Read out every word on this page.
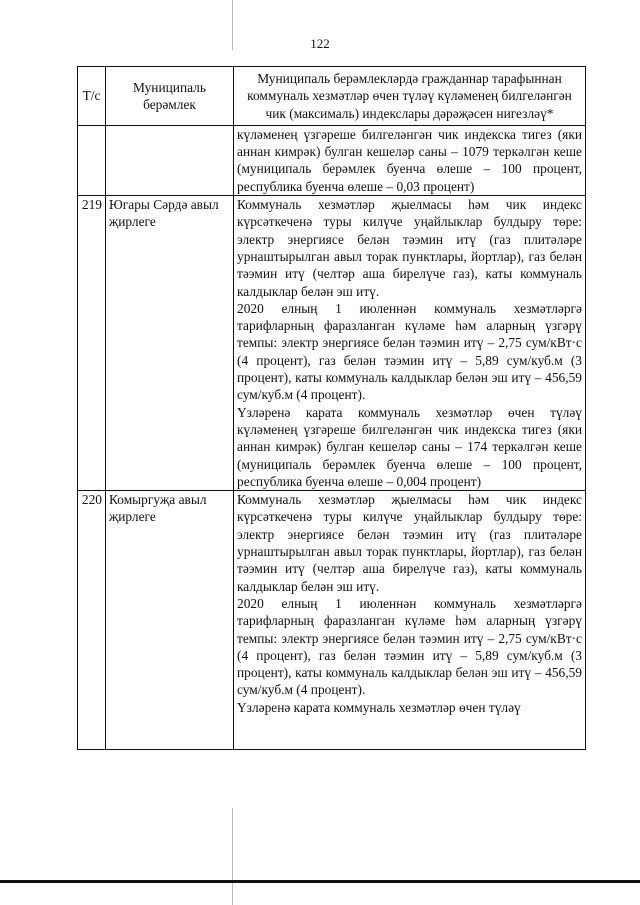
122
Т/с	Муниципаль берәмлек	Муниципаль берәмлекләрдә гражданнар тарафыннан коммуналь хезмәтләр өчен түләү күләменең билгеләнгән чик (максималь) индекслары дәрәҗәсен нигезләү*
		күләменең үзгәреше билгеләнгән чик индекска тигез (яки аннан кимрәк) булган кешеләр саны – 1079 теркәлгән кеше (муниципаль берәмлек буенча өлеше – 100 процент, республика буенча өлеше – 0,03 процент)
219	Югары Сәрдә авыл җирлеге	Коммуналь хезмәтләр җыелмасы һәм чик индекс күрсәткеченә туры килүче уңайлыклар булдыру төре: электр энергиясе белән тәэмин итү (газ плитәләре урнаштырылган авыл торак пунктлары, йортлар), газ белән тәэмин итү (челтәр аша бирелүче газ), каты коммуналь калдыклар белән эш итү.

2020 елның 1 июленнән коммуналь хезмәтләргә тарифларның фаразланган күләме һәм аларның үзгәрү темпы: электр энергиясе белән тәэмин итү – 2,75 сум/кВт·с (4 процент), газ белән тәэмин итү – 5,89 сум/куб.м (3 процент), каты коммуналь калдыклар белән эш итү – 456,59 сум/куб.м (4 процент).

Үзләренә карата коммуналь хезмәтләр өчен түләү күләменең үзгәреше билгеләнгән чик индекска тигез (яки аннан кимрәк) булган кешеләр саны – 174 теркәлгән кеше (муниципаль берәмлек буенча өлеше – 100 процент, республика буенча өлеше – 0,004 процент)

220	Комыргуҗа авыл җирлеге	Коммуналь хезмәтләр җыелмасы һәм чик индекс күрсәткеченә туры килүче уңайлыклар булдыру төре: электр энергиясе белән тәэмин итү (газ плитәләре урнаштырылган авыл торак пунктлары, йортлар), газ белән тәэмин итү (челтәр аша бирелүче газ), каты коммуналь калдыклар белән эш итү.

2020 елның 1 июленнән коммуналь хезмәтләргә тарифларның фаразланган күләме һәм аларның үзгәрү темпы: электр энергиясе белән тәэмин итү – 2,75 сум/кВт·с (4 процент), газ белән тәэмин итү – 5,89 сум/куб.м (3 процент), каты коммуналь калдыклар белән эш итү – 456,59 сум/куб.м (4 процент).

Үзләренә карата коммуналь хезмәтләр өчен түләү
